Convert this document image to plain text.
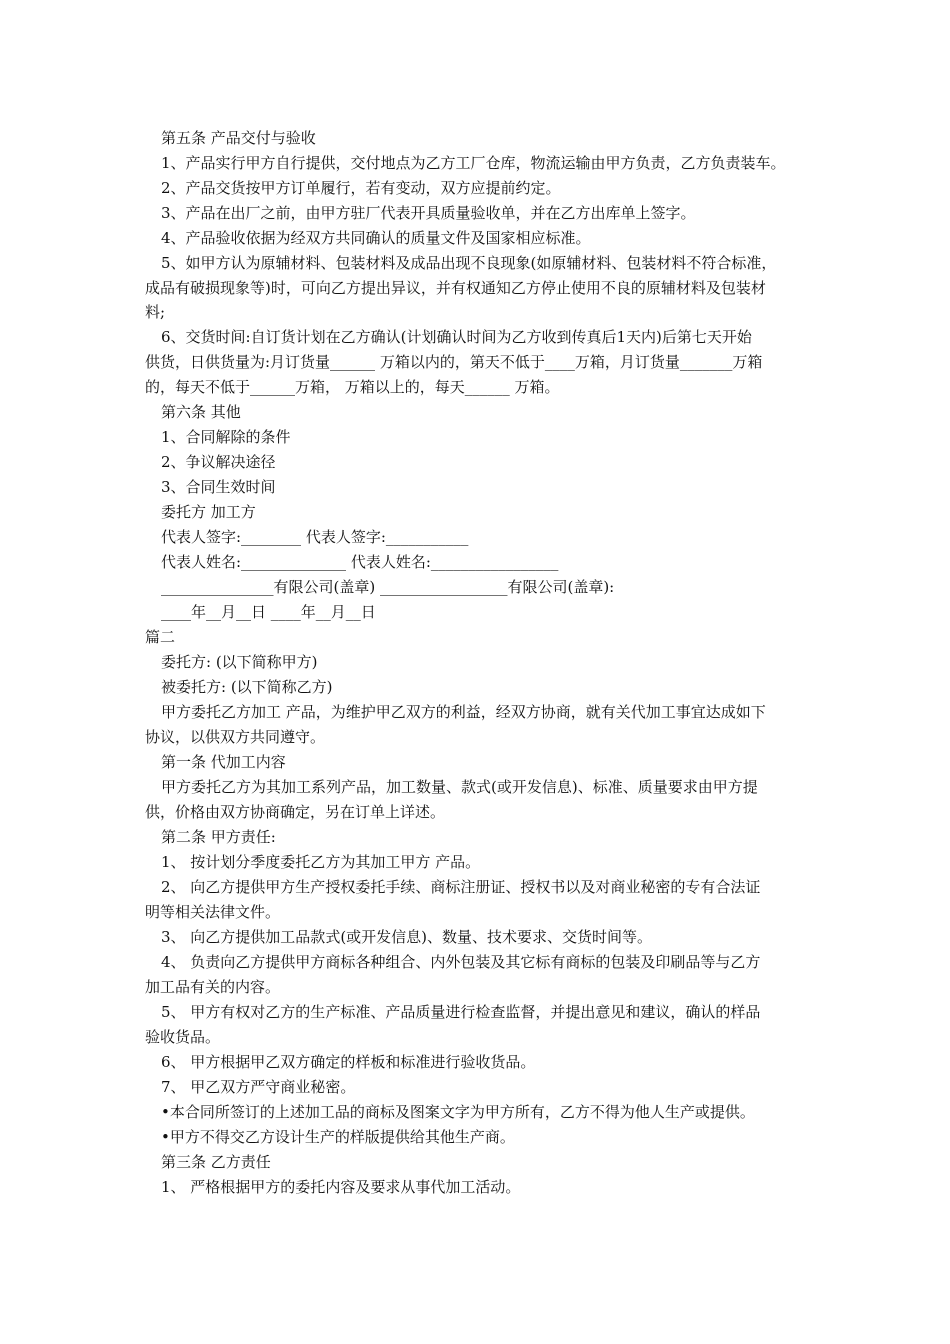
第五条 产品交付与验收
1、产品实行甲方自行提供，交付地点为乙方工厂仓库，物流运输由甲方负责，乙方负责装车。
2、产品交货按甲方订单履行，若有变动，双方应提前约定。
3、产品在出厂之前，由甲方驻厂代表开具质量验收单，并在乙方出库单上签字。
4、产品验收依据为经双方共同确认的质量文件及国家相应标准。
5、如甲方认为原辅材料、包装材料及成品出现不良现象(如原辅材料、包装材料不符合标准，
成品有破损现象等)时，可向乙方提出异议，并有权通知乙方停止使用不良的原辅材料及包装材
料;
6、交货时间:自订货计划在乙方确认(计划确认时间为乙方收到传真后1天内)后第七天开始
供货，日供货量为:月订货量______ 万箱以内的，第天不低于____万箱，月订货量_______万箱
的，每天不低于______万箱， 万箱以上的，每天______ 万箱。
第六条 其他
1、合同解除的条件
2、争议解决途径
3、合同生效时间
委托方 加工方
代表人签字:________ 代表人签字:___________
代表人姓名:______________ 代表人姓名:_________________
_______________有限公司(盖章) _________________有限公司(盖章):
____年__月__日 ____年__月__日
篇二
委托方: (以下简称甲方)
被委托方: (以下简称乙方)
甲方委托乙方加工 产品，为维护甲乙双方的利益，经双方协商，就有关代加工事宜达成如下
协议，以供双方共同遵守。
第一条 代加工内容
甲方委托乙方为其加工系列产品，加工数量、款式(或开发信息)、标准、质量要求由甲方提
供，价格由双方协商确定，另在订单上详述。
第二条 甲方责任:
1、 按计划分季度委托乙方为其加工甲方 产品。
2、 向乙方提供甲方生产授权委托手续、商标注册证、授权书以及对商业秘密的专有合法证
明等相关法律文件。
3、 向乙方提供加工品款式(或开发信息)、数量、技术要求、交货时间等。
4、 负责向乙方提供甲方商标各种组合、内外包装及其它标有商标的包装及印刷品等与乙方
加工品有关的内容。
5、 甲方有权对乙方的生产标准、产品质量进行检查监督，并提出意见和建议，确认的样品
验收货品。
6、 甲方根据甲乙双方确定的样板和标准进行验收货品。
7、 甲乙双方严守商业秘密。
•本合同所签订的上述加工品的商标及图案文字为甲方所有，乙方不得为他人生产或提供。
•甲方不得交乙方设计生产的样版提供给其他生产商。
第三条 乙方责任
1、 严格根据甲方的委托内容及要求从事代加工活动。
